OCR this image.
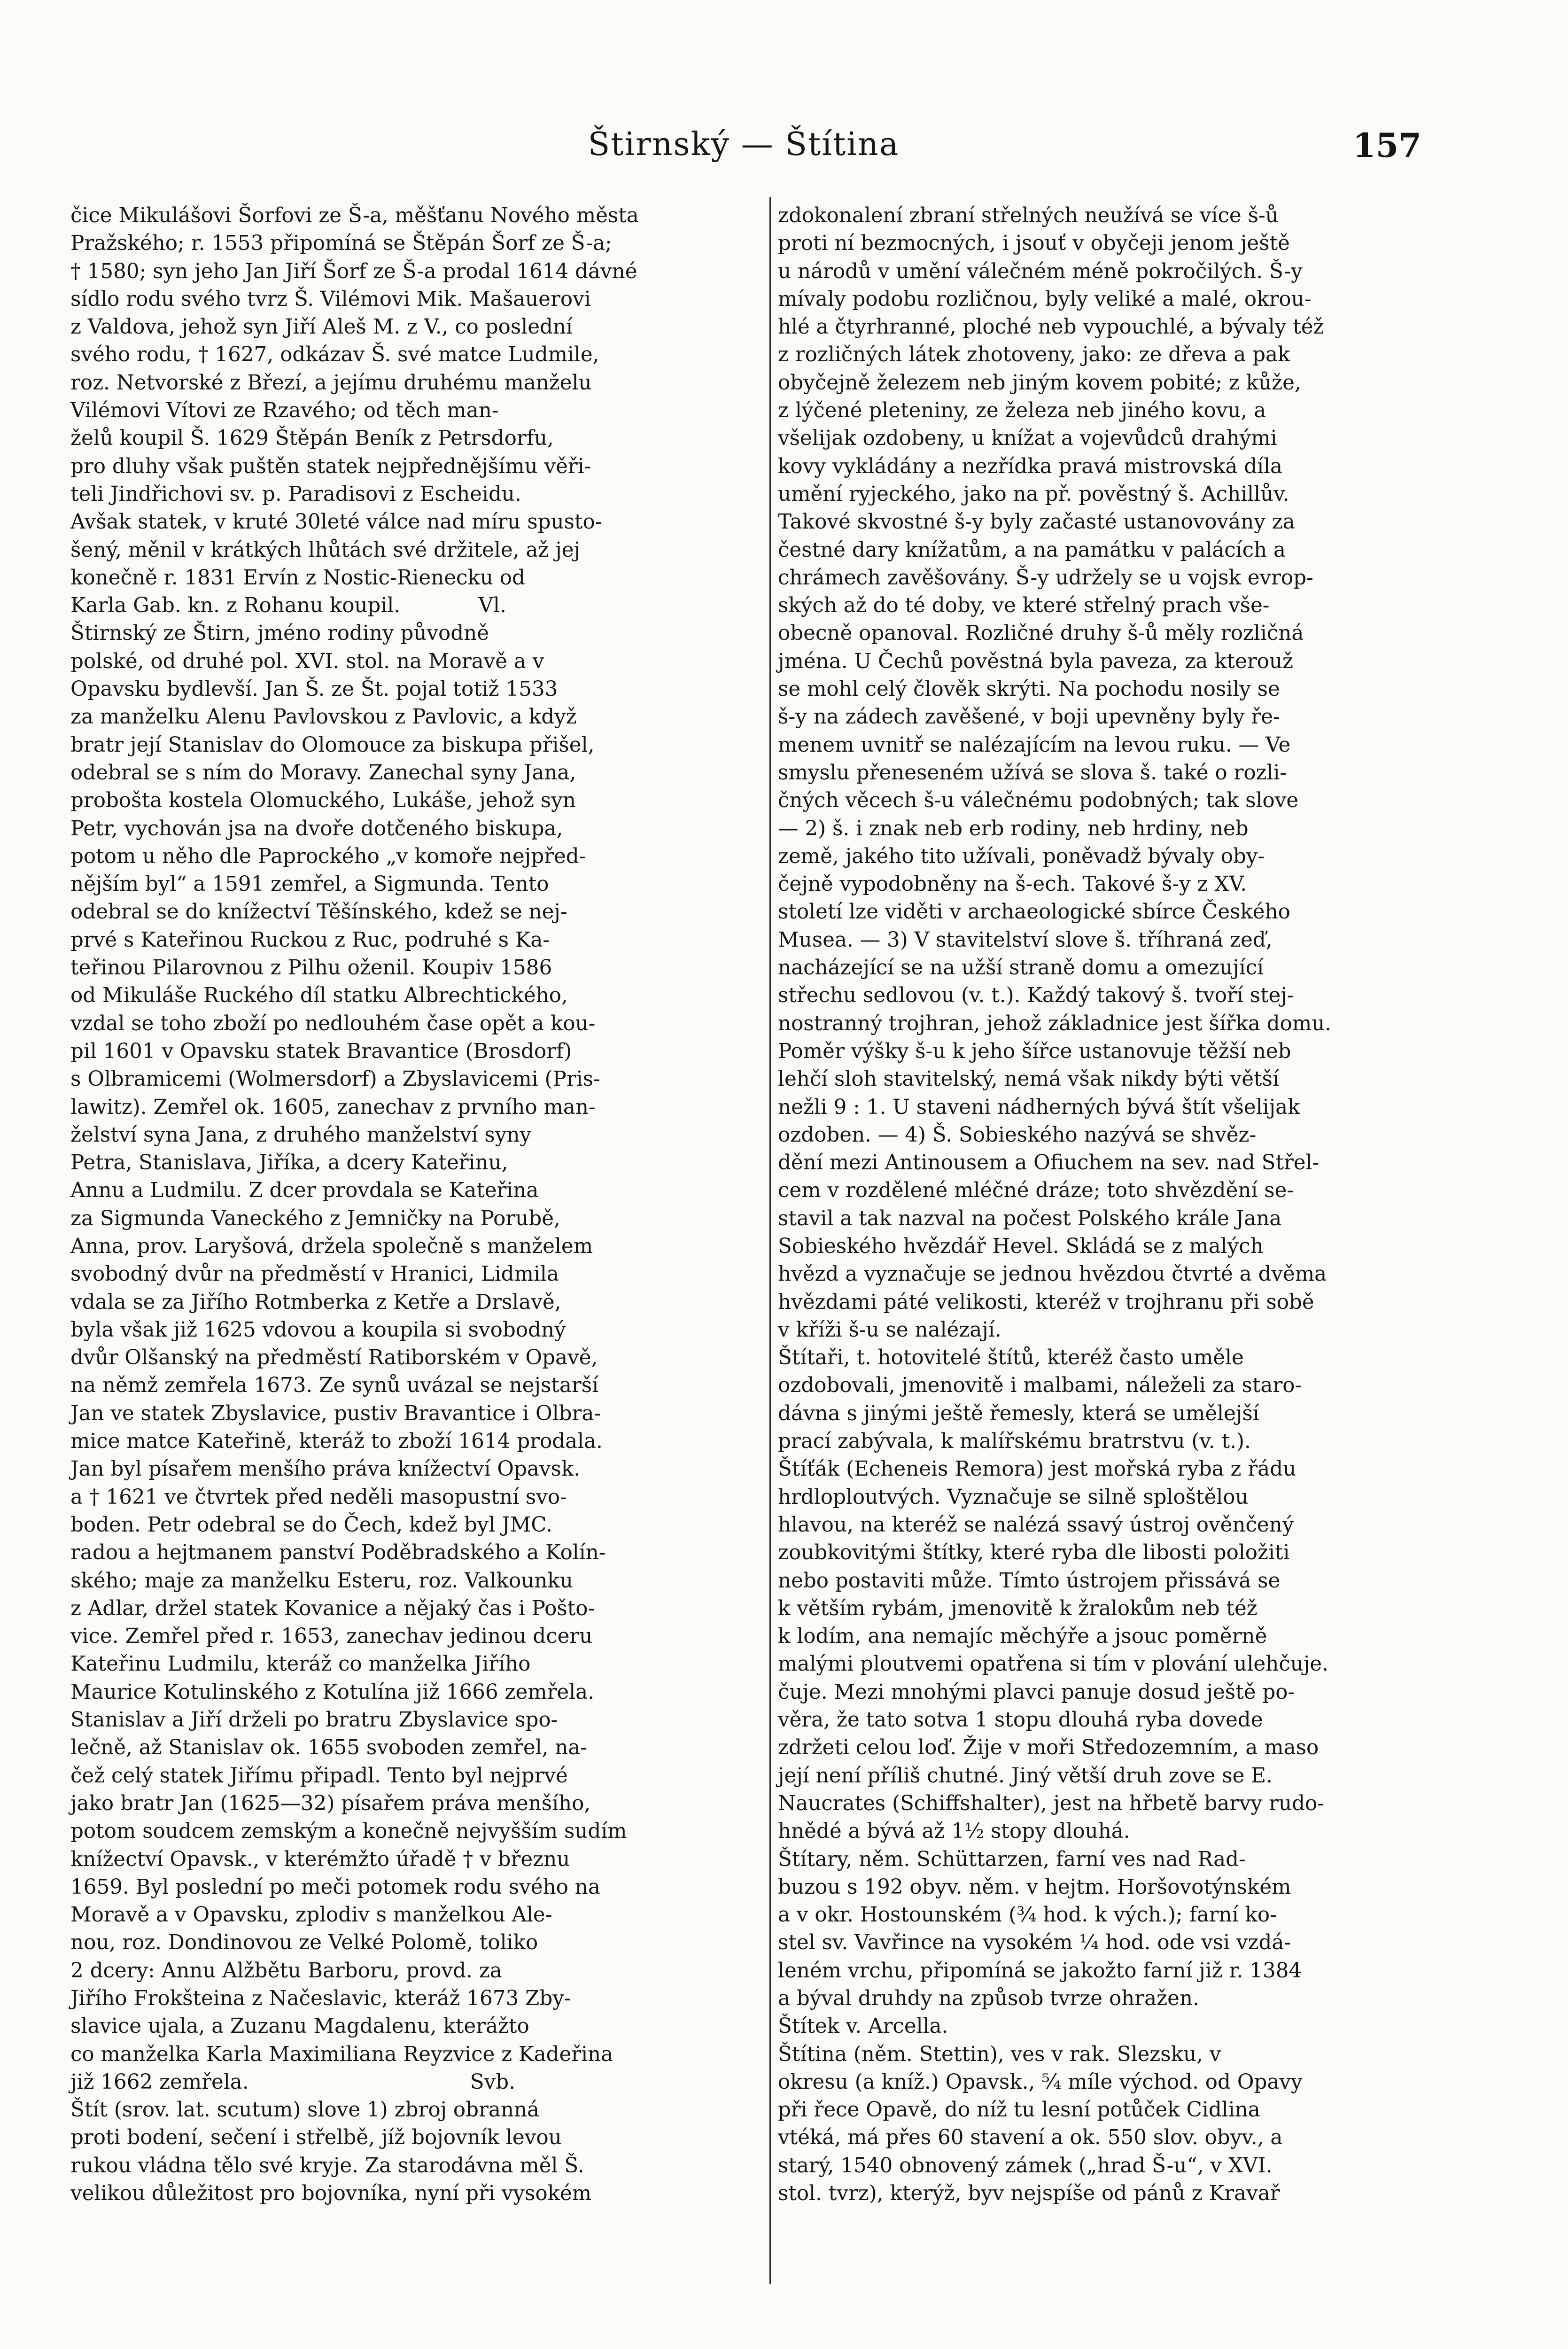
Štirnský — Štítina	157
čice Mikulášovi Šorfovi ze Š-a, měšťanu Nového města
Pražského; r. 1553 připomíná se Štěpán Šorf ze Š-a;
† 1580; syn jeho Jan Jiří Šorf ze Š-a prodal 1614 dávné
sídlo rodu svého tvrz Š. Vilémovi Mik. Mašauerovi
z Valdova, jehož syn Jiří Aleš M. z V., co poslední
svého rodu, † 1627, odkázav Š. své matce Ludmile,
roz. Netvorské z Březí, a jejímu druhému manželu
Vilémovi Vítovi ze Rzavého; od těch man-
želů koupil Š. 1629 Štěpán Beník z Petrsdorfu,
pro dluhy však puštěn statek nejpřednějšímu věři-
teli Jindřichovi sv. p. Paradisovi z Escheidu.
Avšak statek, v kruté 30leté válce nad míru spusto-
šený, měnil v krátkých lhůtách své držitele, až jej
konečně r. 1831 Ervín z Nostic-Rienecku od
Karla Gab. kn. z Rohanu koupil.            Vl.
Štirnský ze Štirn, jméno rodiny původně
polské, od druhé pol. XVI. stol. na Moravě a v
Opavsku bydlevší. Jan Š. ze Št. pojal totiž 1533
za manželku Alenu Pavlovskou z Pavlovic, a když
bratr její Stanislav do Olomouce za biskupa přišel,
odebral se s ním do Moravy. Zanechal syny Jana,
proboštа kostela Olomuckého, Lukáše, jehož syn
Petr, vychován jsa na dvoře dotčeného biskupa,
potom u něho dle Paprockého „v komoře nejpřed-
nějším byl“ a 1591 zemřel, a Sigmunda. Tento
odebral se do knížectví Těšínského, kdež se nej-
prvé s Kateřinou Ruckou z Ruc, podruhé s Ka-
teřinou Pilarovnou z Pilhu oženil. Koupiv 1586
od Mikuláše Ruckého díl statku Albrechtického,
vzdal se toho zboží po nedlouhém čase opět a kou-
pil 1601 v Opavsku statek Bravantice (Brosdorf)
s Olbramicemi (Wolmersdorf) a Zbyslavicemi (Pris-
lawitz). Zemřel ok. 1605, zanechav z prvního man-
želství syna Jana, z druhého manželství syny
Petra, Stanislava, Jiříka, a dcery Kateřinu,
Annu a Ludmilu. Z dcer provdala se Kateřina
za Sigmunda Vaneckého z Jemničky na Porubě,
Anna, prov. Laryšová, držela společně s manželem
svobodný dvůr na předměstí v Hranici, Lidmila
vdala se za Jiřího Rotmberka z Ketře a Drslavě,
byla však již 1625 vdovou a koupila si svobodný
dvůr Olšanský na předměstí Ratiborském v Opavě,
na němž zemřela 1673. Ze synů uvázal se nejstarší
Jan ve statek Zbyslavice, pustiv Bravantice i Olbra-
mice matce Kateřině, kteráž to zboží 1614 prodala.
Jan byl písařem menšího práva knížectví Opavsk.
a † 1621 ve čtvrtek před neděli masopustní svo-
boden. Petr odebral se do Čech, kdež byl JMC.
radou a hejtmanem panství Poděbradského a Kolín-
ského; maje za manželku Esteru, roz. Valkounku
z Adlar, držel statek Kovanice a nějaký čas i Pošto-
vice. Zemřel před r. 1653, zanechav jedinou dceru
Kateřinu Ludmilu, kteráž co manželka Jiřího
Maurice Kotulinského z Kotulína již 1666 zemřela.
Stanislav a Jiří drželi po bratru Zbyslavice spo-
lečně, až Stanislav ok. 1655 svoboden zemřel, na-
čež celý statek Jiřímu připadl. Tento byl nejprvé
jako bratr Jan (1625—32) písařem práva menšího,
potom soudcem zemským a konečně nejvyšším sudím
knížectví Opavsk., v kterémžto úřadě † v březnu
1659. Byl poslední po meči potomek rodu svého na
Moravě a v Opavsku, zplodiv s manželkou Ale-
nou, roz. Dondinovou ze Velké Polomě, toliko
2 dcery: Annu Alžbětu Barboru, provd. za
Jiřího Frokšteina z Načeslavic, kteráž 1673 Zby-
slavice ujala, a Zuzanu Magdalenu, kterážto
co manželka Karla Maximiliana Reyzvice z Kadeřina
již 1662 zemřela.                                  Svb.
Štít (srov. lat. scutum) slove 1) zbroj obranná
proti bodení, sečení i střelbě, jíž bojovník levou
rukou vládna tělo své kryje. Za starodávna měl Š.
velikou důležitost pro bojovníka, nyní při vysokém
zdokonalení zbraní střelných neužívá se více š-ů
proti ní bezmocných, i jsouť v obyčeji jenom ještě
u národů v umění válečném méně pokročilých. Š-y
mívaly podobu rozličnou, byly veliké a malé, okrou-
hlé a čtyrhranné, ploché neb vypouchlé, a bývaly též
z rozličných látek zhotoveny, jako: ze dřeva a pak
obyčejně železem neb jiným kovem pobité; z kůže,
z lýčené pleteniny, ze železa neb jiného kovu, a
všelijak ozdobeny, u knížat a vojevůdců drahými
kovy vykládány a nezřídka pravá mistrovská díla
umění ryjeckého, jako na př. pověstný š. Achillův.
Takové skvostné š-y byly začasté ustanovovány za
čestné dary knížatům, a na památku v palácích a
chrámech zavěšovány. Š-y udržely se u vojsk evrop-
ských až do té doby, ve které střelný prach vše-
obecně opanoval. Rozličné druhy š-ů měly rozličná
jména. U Čechů pověstná byla paveza, za kterouž
se mohl celý člověk skrýti. Na pochodu nosily se
š-y na zádech zavěšené, v boji upevněny byly ře-
menem uvnitř se nalézajícím na levou ruku. — Ve
smyslu přeneseném užívá se slova š. také o rozli-
čných věcech š-u válečnému podobných; tak slove
— 2) š. i znak neb erb rodiny, neb hrdiny, neb
země, jakého tito užívali, poněvadž bývaly oby-
čejně vypodobněny na š-ech. Takové š-y z XV.
století lze viděti v archaeologické sbírce Českého
Musea. — 3) V stavitelství slove š. tříhraná zeď,
nacházející se na užší straně domu a omezující
střechu sedlovou (v. t.). Každý takový š. tvoří stej-
nostranný trojhran, jehož základnice jest šířka domu.
Poměr výšky š-u k jeho šířce ustanovuje těžší neb
lehčí sloh stavitelský, nemá však nikdy býti větší
nežli 9 : 1. U staveni nádherných bývá štít všelijak
ozdoben. — 4) Š. Sobieského nazývá se shvěz-
dění mezi Antinousem a Ofiuchem na sev. nad Střel-
cem v rozdělené mléčné dráze; toto shvězdění se-
stavil a tak nazval na počest Polského krále Jana
Sobieského hvězdář Hevel. Skládá se z malých
hvězd a vyznačuje se jednou hvězdou čtvrté a dvěma
hvězdami páté velikosti, kteréž v trojhranu při sobě
v kříži š-u se nalézají.
Štítaři, t. hotovitelé štítů, kteréž často uměle
ozdobovali, jmenovitě i malbami, náleželi za staro-
dávna s jinými ještě řemesly, která se umělejší
prací zabývala, k malířskému bratrstvu (v. t.).
Štíťák (Echeneis Remora) jest mořská ryba z řádu
hrdloploutvých. Vyznačuje se silně sploštělou
hlavou, na kteréž se nalézá ssavý ústroj ověnčený
zoubkovitými štítky, které ryba dle libosti položiti
nebo postaviti může. Tímto ústrojem přissává se
k větším rybám, jmenovitě k žralokům neb též
k lodím, ana nemajíc měchýře a jsouc poměrně
malými ploutvemi opatřena si tím v plování ulehčuje.
čuje. Mezi mnohými plavci panuje dosud ještě po-
věra, že tato sotva 1 stopu dlouhá ryba dovede
zdržeti celou loď. Žije v moři Středozemním, a maso
její není příliš chutné. Jiný větší druh zove se E.
Naucrates (Schiffshalter), jest na hřbetě barvy rudo-
hnědé a bývá až 1½ stopy dlouhá.
Štítary, něm. Schüttarzen, farní ves nad Rad-
buzou s 192 obyv. něm. v hejtm. Horšovotýnském
a v okr. Hostounském (¾ hod. k vých.); farní ko-
stel sv. Vavřince na vysokém ¼ hod. ode vsi vzdá-
leném vrchu, připomíná se jakožto farní již r. 1384
a býval druhdy na způsob tvrze ohražen.
Štítek v. Arcella.
Štítina (něm. Stettin), ves v rak. Slezsku, v
okresu (a kníž.) Opavsk., ⁵⁄₄ míle východ. od Opavy
při řece Opavě, do níž tu lesní potůček Cidlina
vtéká, má přes 60 stavení a ok. 550 slov. obyv., a
starý, 1540 obnovený zámek („hrad Š-u“, v XVI.
stol. tvrz), kterýž, byv nejspíše od pánů z Kravař
